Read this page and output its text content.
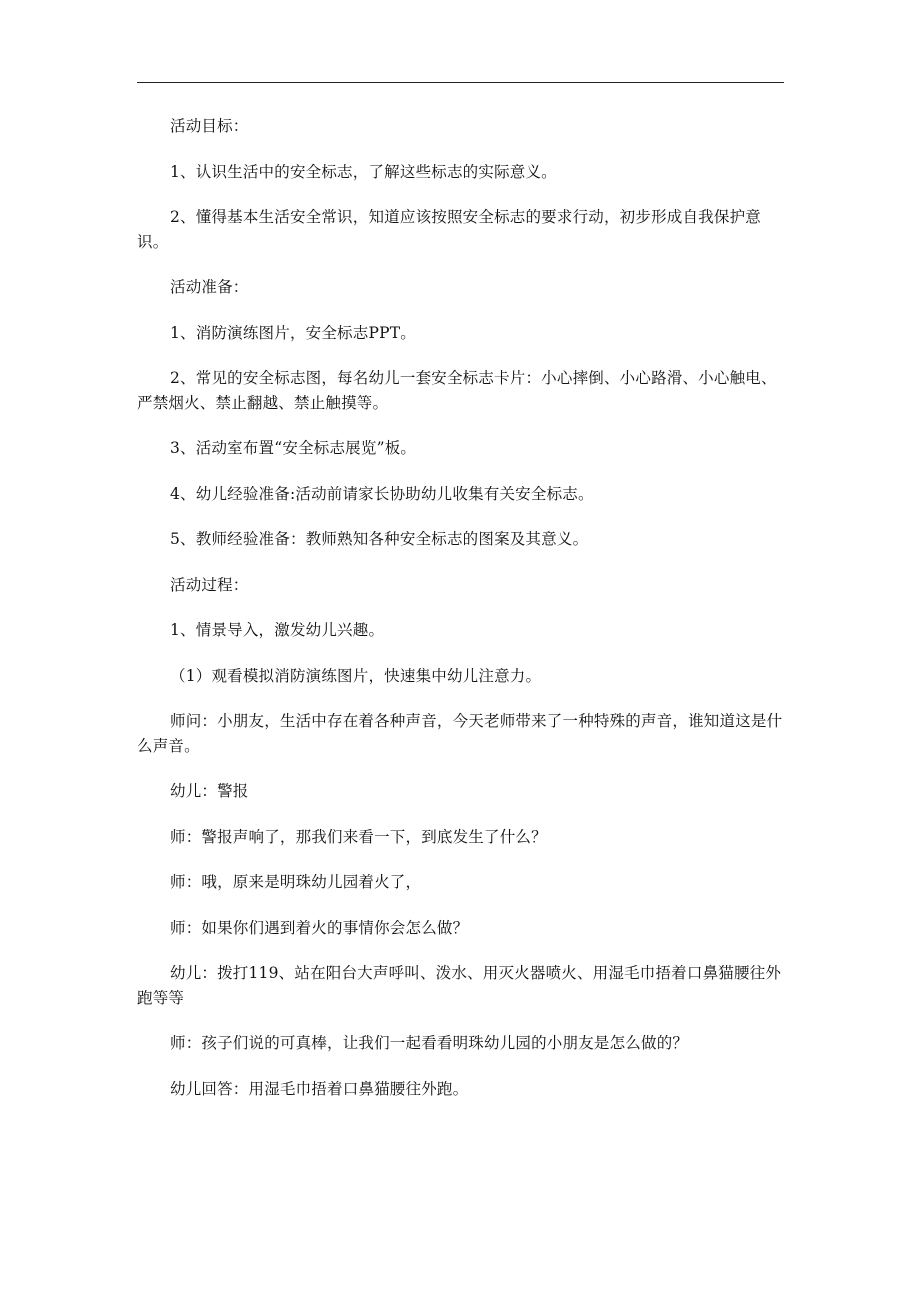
活动目标：

1、认识生活中的安全标志，了解这些标志的实际意义。

2、懂得基本生活安全常识，知道应该按照安全标志的要求行动，初步形成自我保护意识。

活动准备：

1、消防演练图片，安全标志PPT。

2、常见的安全标志图，每名幼儿一套安全标志卡片：小心摔倒、小心路滑、小心触电、严禁烟火、禁止翻越、禁止触摸等。

3、活动室布置“安全标志展览”板。

4、幼儿经验准备:活动前请家长协助幼儿收集有关安全标志。

5、教师经验准备：教师熟知各种安全标志的图案及其意义。

活动过程：

1、情景导入，激发幼儿兴趣。

（1）观看模拟消防演练图片，快速集中幼儿注意力。

师问：小朋友，生活中存在着各种声音，今天老师带来了一种特殊的声音，谁知道这是什么声音。

幼儿：警报

师：警报声响了，那我们来看一下，到底发生了什么？

师：哦，原来是明珠幼儿园着火了，

师：如果你们遇到着火的事情你会怎么做？

幼儿：拨打119、站在阳台大声呼叫、泼水、用灭火器喷火、用湿毛巾捂着口鼻猫腰往外跑等等

师：孩子们说的可真棒，让我们一起看看明珠幼儿园的小朋友是怎么做的？

幼儿回答：用湿毛巾捂着口鼻猫腰往外跑。
